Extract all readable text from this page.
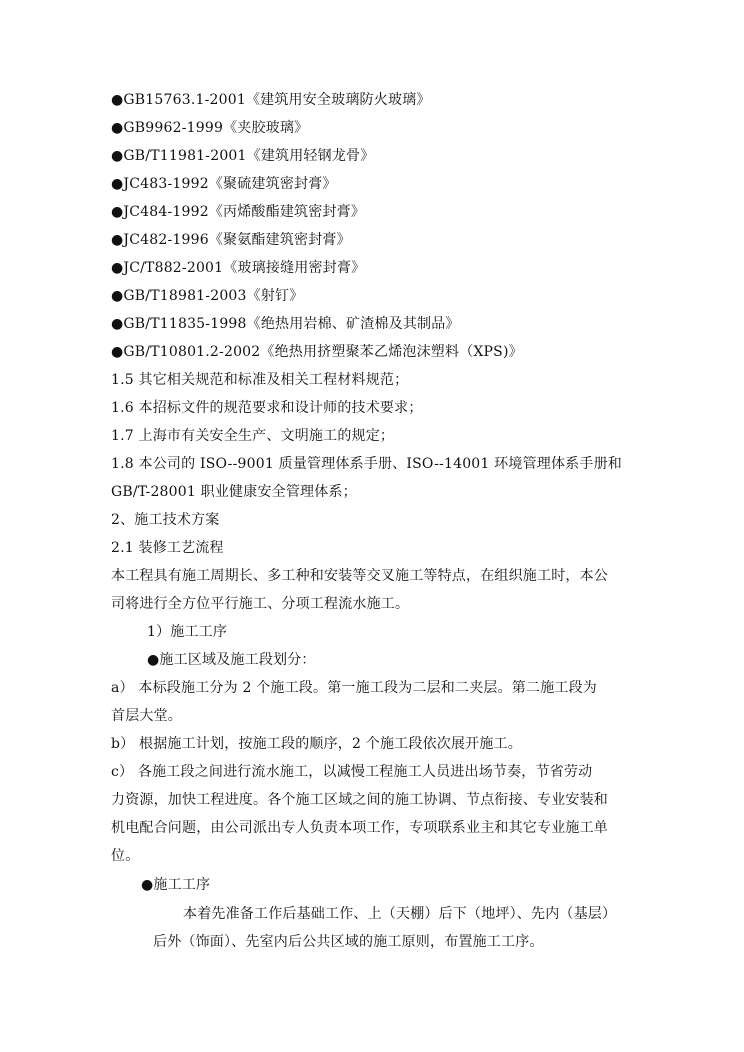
●GB15763.1-2001《建筑用安全玻璃防火玻璃》
●GB9962-1999《夹胶玻璃》
●GB/T11981-2001《建筑用轻钢龙骨》
●JC483-1992《聚硫建筑密封膏》
●JC484-1992《丙烯酸酯建筑密封膏》
●JC482-1996《聚氨酯建筑密封膏》
●JC/T882-2001《玻璃接缝用密封膏》
●GB/T18981-2003《射钉》
●GB/T11835-1998《绝热用岩棉、矿渣棉及其制品》
●GB/T10801.2-2002《绝热用挤塑聚苯乙烯泡沫塑料（XPS)》
1.5 其它相关规范和标准及相关工程材料规范；
1.6 本招标文件的规范要求和设计师的技术要求；
1.7 上海市有关安全生产、文明施工的规定；
1.8 本公司的 ISO--9001 质量管理体系手册、ISO--14001 环境管理体系手册和
GB/T-28001 职业健康安全管理体系；
2、施工技术方案
2.1 装修工艺流程
本工程具有施工周期长、多工种和安装等交叉施工等特点，在组织施工时，本公
司将进行全方位平行施工、分项工程流水施工。
1）施工工序
●施工区域及施工段划分：
a） 本标段施工分为 2 个施工段。第一施工段为二层和二夹层。第二施工段为
首层大堂。
b） 根据施工计划，按施工段的顺序，2 个施工段依次展开施工。
c） 各施工段之间进行流水施工，以减慢工程施工人员进出场节奏，节省劳动
力资源，加快工程进度。各个施工区域之间的施工协调、节点衔接、专业安装和
机电配合问题，由公司派出专人负责本项工作，专项联系业主和其它专业施工单
位。
●施工工序
本着先准备工作后基础工作、上（天棚）后下（地坪）、先内（基层）
后外（饰面）、先室内后公共区域的施工原则，布置施工工序。
